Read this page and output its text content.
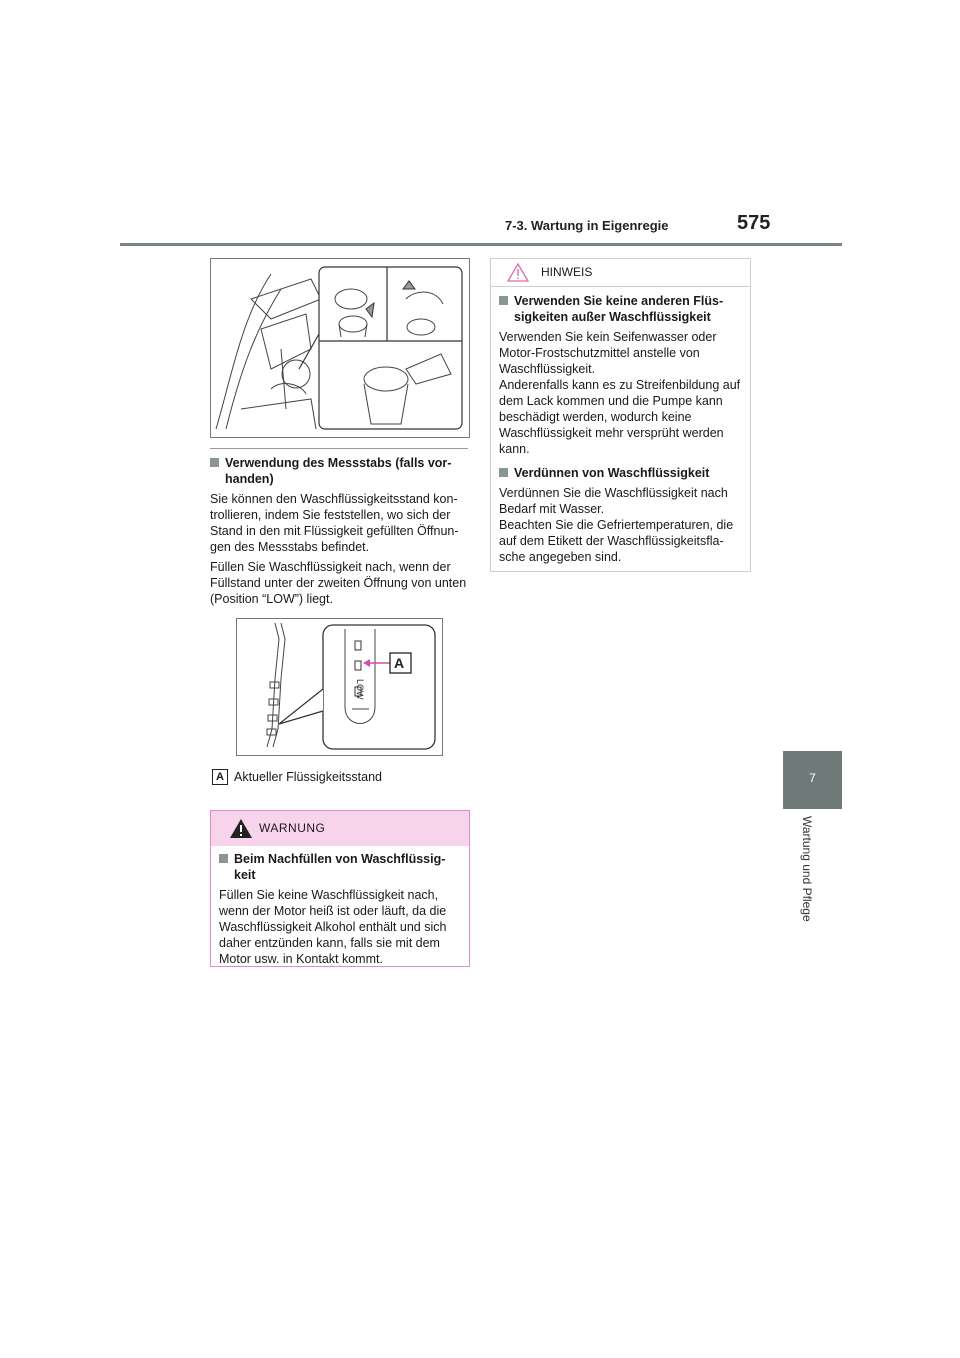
7-3. Wartung in Eigenregie	575
7
Wartung und Pflege
Verwendung des Messstabs (falls vor-
handen)

Sie können den Waschflüssigkeitsstand kon-trollieren, indem Sie feststellen, wo sich der Stand in den mit Flüssigkeit gefüllten Öffnun-gen des Messstabs befindet.

Füllen Sie Waschflüssigkeit nach, wenn der Füllstand unter der zweiten Öffnung von unten (Position “LOW”) liegt.

LOW
A
A Aktueller Flüssigkeitsstand
WARNUNG
Beim Nachfüllen von Waschflüssig-
keit

Füllen Sie keine Waschflüssigkeit nach, wenn der Motor heiß ist oder läuft, da die Waschflüssigkeit Alkohol enthält und sich daher entzünden kann, falls sie mit dem Motor usw. in Kontakt kommt.

HINWEIS
Verwenden Sie keine anderen Flüs-
sigkeiten außer Waschflüssigkeit

Verwenden Sie kein Seifenwasser oder Motor-Frostschutzmittel anstelle von Waschflüssigkeit.
Anderenfalls kann es zu Streifenbildung auf dem Lack kommen und die Pumpe kann beschädigt werden, wodurch keine Waschflüssigkeit mehr versprüht werden kann.

Verdünnen von Waschflüssigkeit

Verdünnen Sie die Waschflüssigkeit nach Bedarf mit Wasser.
Beachten Sie die Gefriertemperaturen, die auf dem Etikett der Waschflüssigkeitsfla-sche angegeben sind.
